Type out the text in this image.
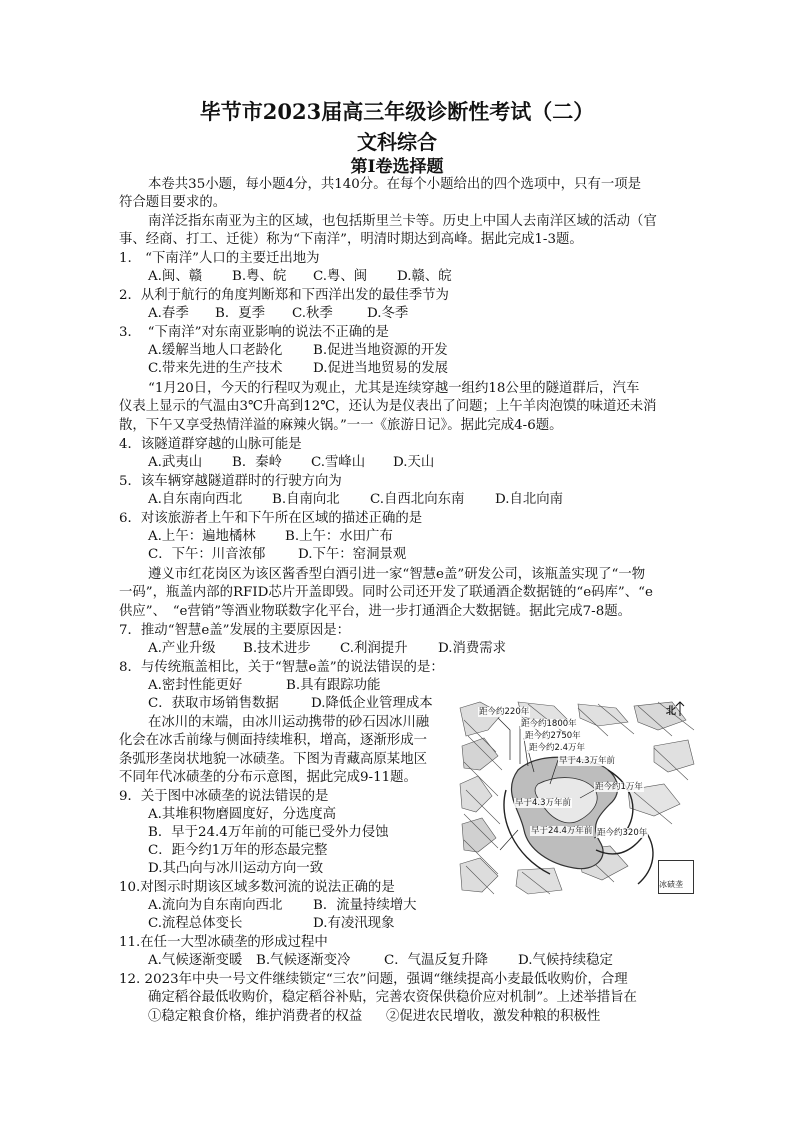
毕节市2023届高三年级诊断性考试（二）
文科综合
第Ⅰ卷选择题
本卷共35小题，每小题4分，共140分。在每个小题给出的四个选项中，只有一项是
符合题目要求的。
南洋泛指东南亚为主的区域，也包括斯里兰卡等。历史上中国人去南洋区域的活动（官
事、经商、打工、迁徙）称为“下南洋”，明清时期达到高峰。据此完成1-3题。
1.　“下南洋”人口的主要迁出地为
A.闽、赣 B.粤、皖 C.粤、闽 D.赣、皖
2．从利于航行的角度判断郑和下西洋出发的最佳季节为
A.春季 B．夏季 C.秋季	D.冬季
3．　“下南洋”对东南亚影响的说法不正确的是
A.缓解当地人口老龄化 B.促进当地资源的开发
C.带来先进的生产技术 D.促进当地贸易的发展
“1月20日，今天的行程叹为观止，尤其是连续穿越一组约18公里的隧道群后，汽车
仪表上显示的气温由3℃升高到12℃，还认为是仪表出了问题；上午羊肉泡馍的味道还未消
散，下午又享受热情洋溢的麻辣火锅。”一一《旅游日记》。据此完成4-6题。
4．该隧道群穿越的山脉可能是
A.武夷山 B．秦岭 C.雪峰山 D.天山
5．该车辆穿越隧道群时的行驶方向为
A.自东南向西北 B.自南向北 C.自西北向东南 D.自北向南
6．对该旅游者上午和下午所在区域的描述正确的是
A.上午：遍地橘林 B.上午：水田广布
C．下午：川音浓郁 D.下午：窑洞景观
遵义市红花岗区为该区酱香型白酒引进一家“智慧e盖”研发公司，该瓶盖实现了“一物
一码”，瓶盖内部的RFID芯片开盖即毁。同时公司还开发了联通酒企数据链的“e码库”、“e
供应”、　“e营销”等酒业物联数字化平台，进一步打通酒企大数据链。据此完成7-8题。
7．推动“智慧e盖”发展的主要原因是：
A.产业升级 B.技术进步 C.利润提升 D.消费需求
8．与传统瓶盖相比，关于“智慧e盖”的说法错误的是：
A.密封性能更好	B.具有跟踪功能
C．获取市场销售数据 D.降低企业管理成本
在冰川的末端，由冰川运动携带的砂石因冰川融
化会在冰舌前缘与侧面持续堆积，增高，逐渐形成一
条弧形垄岗状地貌一冰碛垄。下图为青藏高原某地区
不同年代冰碛垄的分布示意图，据此完成9-11题。
9．关于图中冰碛垄的说法错误的是
A.其堆积物磨圆度好，分选度高
B．早于24.4万年前的可能已受外力侵蚀
C．距今约1万年的形态最完整
D.其凸向与冰川运动方向一致
10.对图示时期该区域多数河流的说法正确的是
A.流向为自东南向西北 B．流量持续增大
C.流程总体变长	D.有凌汛现象
11.在任一大型冰碛垄的形成过程中
A.气候逐渐变暖 B.气候逐渐变冷	C．气温反复升降 D.气候持续稳定
12. 2023年中央一号文件继续锁定“三农”问题，强调“继续提高小麦最低收购价，合理
确定稻谷最低收购价，稳定稻谷补贴，完善农资保供稳价应对机制”。上述举措旨在
①稳定粮食价格，维护消费者的权益 ②促进农民增收，激发种粮的积极性
北
距今约220年
距今约1800年
距今约2750年
距今约2.4万年
早于4.3万年前
距今约1万年
早于4.3万年前
早于24.4万年前 距今约320年
冰碛垄
